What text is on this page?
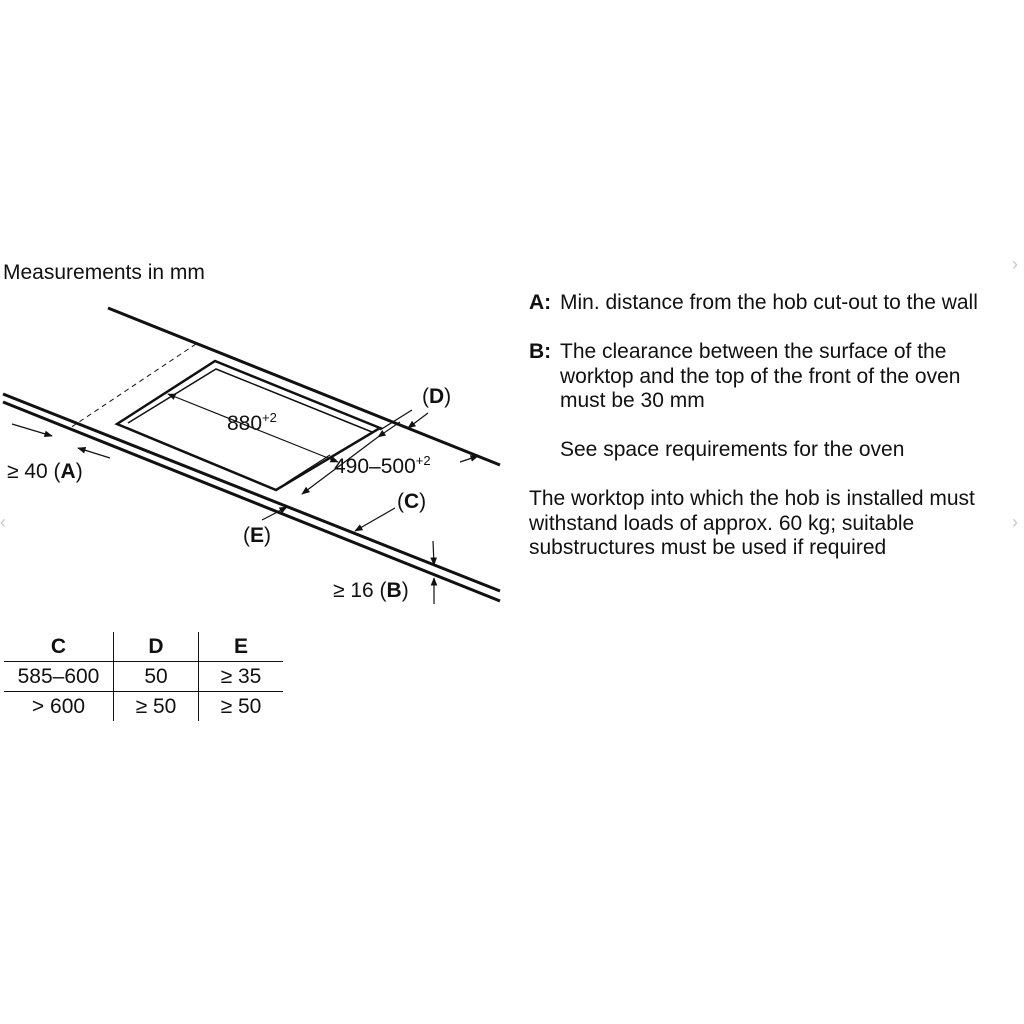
Measurements in mm
$880^{+2}$
$490-500^{+2}$
(D)
(C)
(E)
≥ 40 (A)
≥ 16 (B)
A: Min. distance from the hob cut-out to the wall
B: The clearance between the surface of the worktop and the top of the front of the oven must be 30 mm
See space requirements for the oven
The worktop into which the hob is installed must withstand loads of approx. 60 kg; suitable substructures must be used if required
C	D	E
585–600	50	≥ 35
> 600	≥ 50	≥ 50
›
‹	›
